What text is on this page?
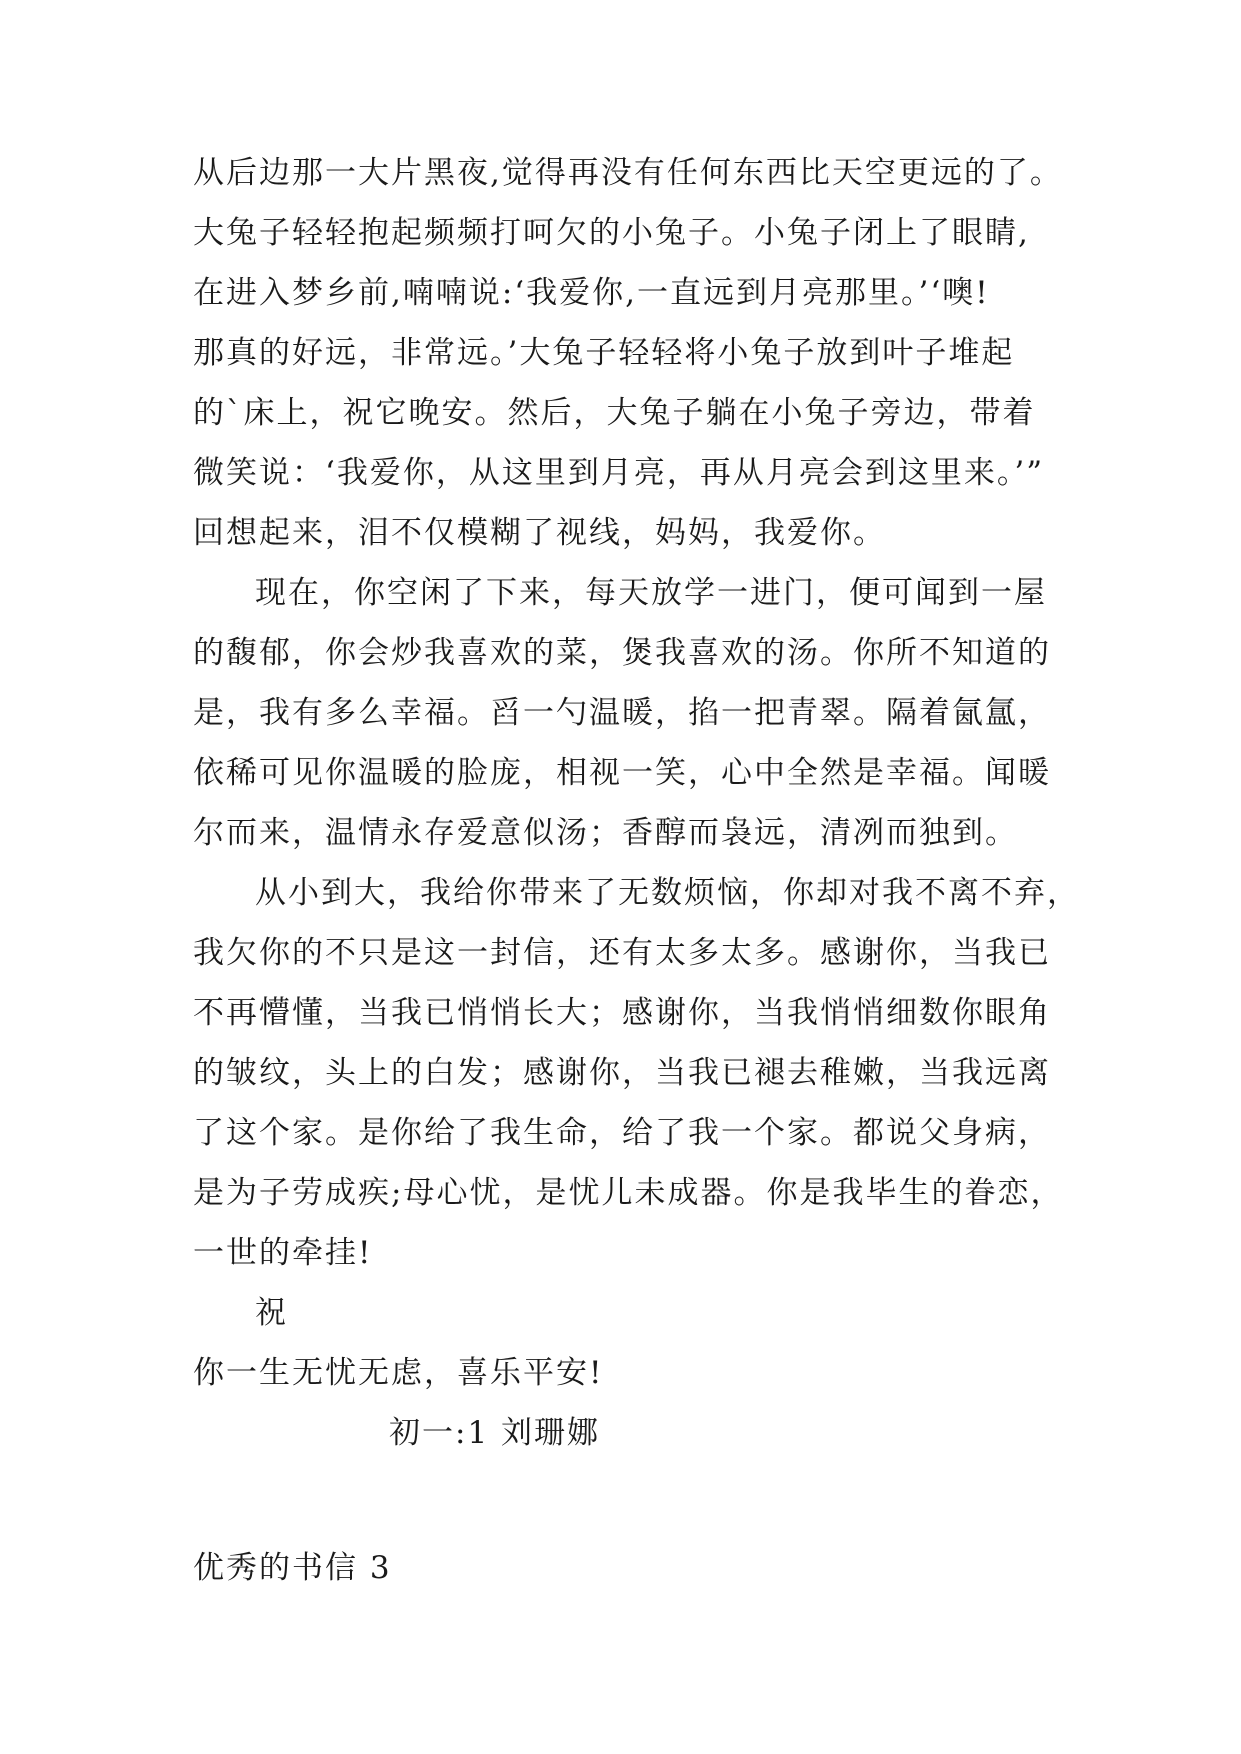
从后边那一大片黑夜,觉得再没有任何东西比天空更远的了。
大兔子轻轻抱起频频打呵欠的小兔子。小兔子闭上了眼睛,
在进入梦乡前,喃喃说:‘我爱你,一直远到月亮那里。’‘噢!
那真的好远，非常远。’大兔子轻轻将小兔子放到叶子堆起
的`床上，祝它晚安。然后，大兔子躺在小兔子旁边，带着
微笑说：‘我爱你，从这里到月亮，再从月亮会到这里来。’”
回想起来，泪不仅模糊了视线，妈妈，我爱你。
现在，你空闲了下来，每天放学一进门，便可闻到一屋
的馥郁，你会炒我喜欢的菜，煲我喜欢的汤。你所不知道的
是，我有多么幸福。舀一勺温暖，掐一把青翠。隔着氤氲，
依稀可见你温暖的脸庞，相视一笑，心中全然是幸福。闻暖
尔而来，温情永存爱意似汤；香醇而袅远，清冽而独到。
从小到大，我给你带来了无数烦恼，你却对我不离不弃，
我欠你的不只是这一封信，还有太多太多。感谢你，当我已
不再懵懂，当我已悄悄长大；感谢你，当我悄悄细数你眼角
的皱纹，头上的白发；感谢你，当我已褪去稚嫩，当我远离
了这个家。是你给了我生命，给了我一个家。都说父身病，
是为子劳成疾;母心忧，是忧儿未成器。你是我毕生的眷恋，
一世的牵挂!
祝
你一生无忧无虑，喜乐平安!
初一:1 刘珊娜
优秀的书信 3
